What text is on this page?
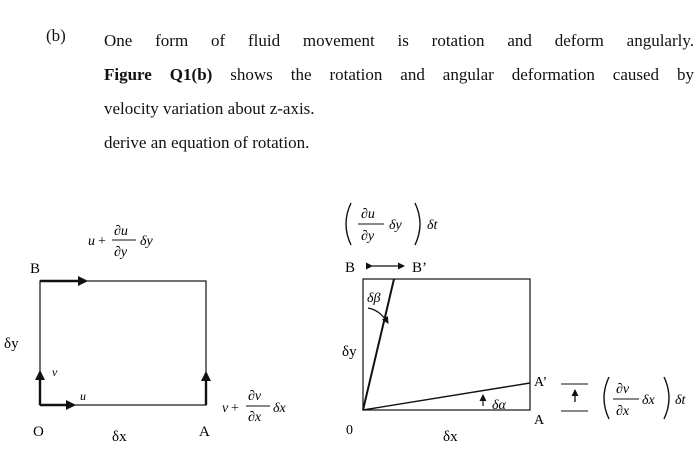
(b) One form of fluid movement is rotation and deform angularly.
Figure Q1(b) shows the rotation and angular deformation caused by
velocity variation about z-axis.
derive an equation of rotation.
u +
∂u
∂y
δy
B
δy
v
u
O	δx	A
v +
∂v
∂x
δx
∂u
∂y
δy δt
B	B’
δβ
δy
0	δx
δα
A’
A
∂v
∂x
δx δt
